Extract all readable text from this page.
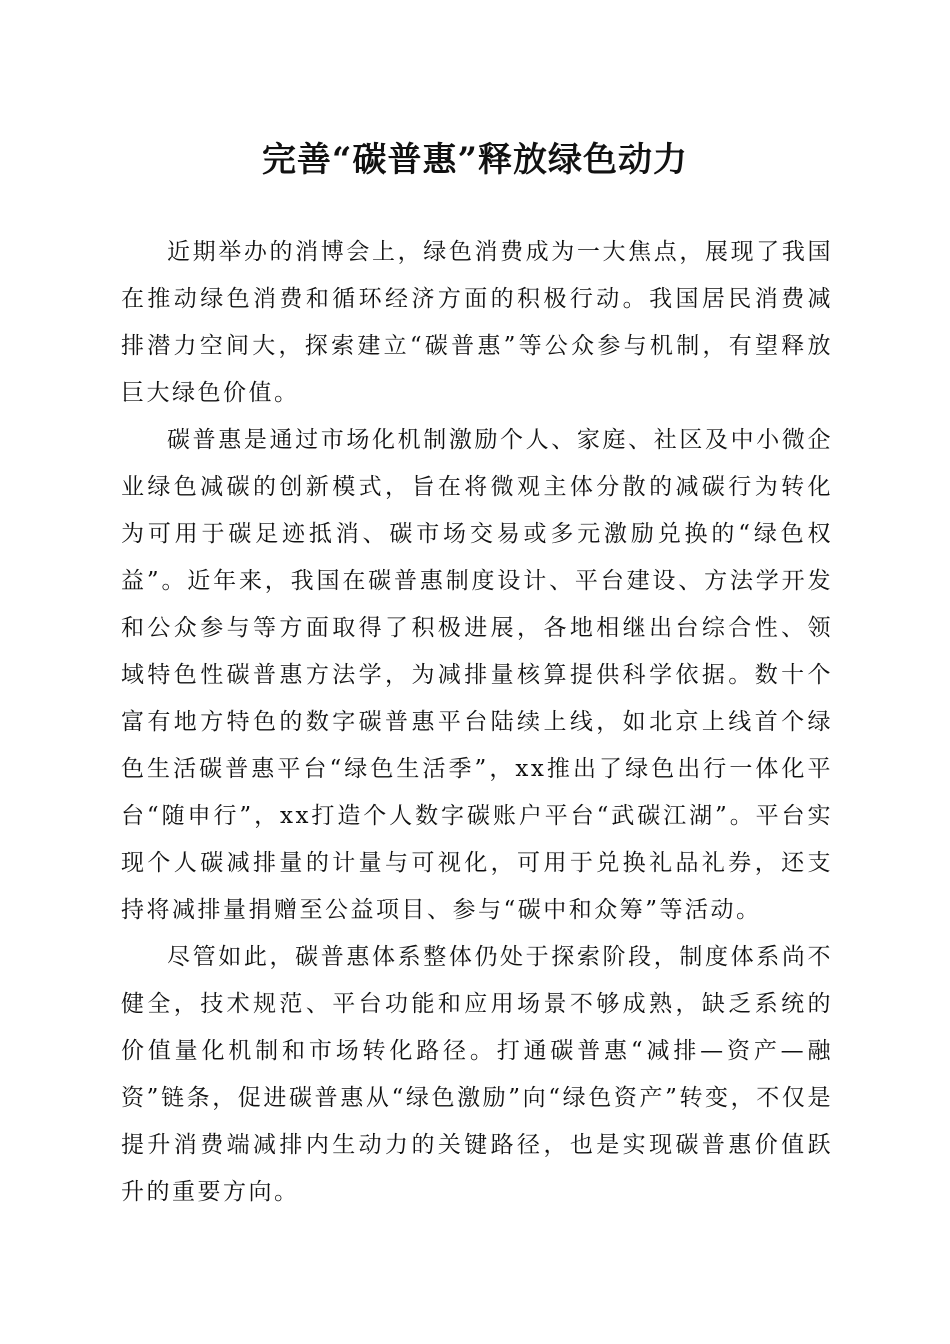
完善“碳普惠”释放绿色动力

近期举办的消博会上，绿色消费成为一大焦点，展现了我国在推动绿色消费和循环经济方面的积极行动。我国居民消费减排潜力空间大，探索建立“碳普惠”等公众参与机制，有望释放巨大绿色价值。

碳普惠是通过市场化机制激励个人、家庭、社区及中小微企业绿色减碳的创新模式，旨在将微观主体分散的减碳行为转化为可用于碳足迹抵消、碳市场交易或多元激励兑换的“绿色权益”。近年来，我国在碳普惠制度设计、平台建设、方法学开发和公众参与等方面取得了积极进展，各地相继出台综合性、领域特色性碳普惠方法学，为减排量核算提供科学依据。数十个富有地方特色的数字碳普惠平台陆续上线，如北京上线首个绿色生活碳普惠平台“绿色生活季”，xx推出了绿色出行一体化平台“随申行”，xx打造个人数字碳账户平台“武碳江湖”。平台实现个人碳减排量的计量与可视化，可用于兑换礼品礼券，还支持将减排量捐赠至公益项目、参与“碳中和众筹”等活动。

尽管如此，碳普惠体系整体仍处于探索阶段，制度体系尚不健全，技术规范、平台功能和应用场景不够成熟，缺乏系统的价值量化机制和市场转化路径。打通碳普惠“减排—资产—融资”链条，促进碳普惠从“绿色激励”向“绿色资产”转变，不仅是提升消费端减排内生动力的关键路径，也是实现碳普惠价值跃升的重要方向。
